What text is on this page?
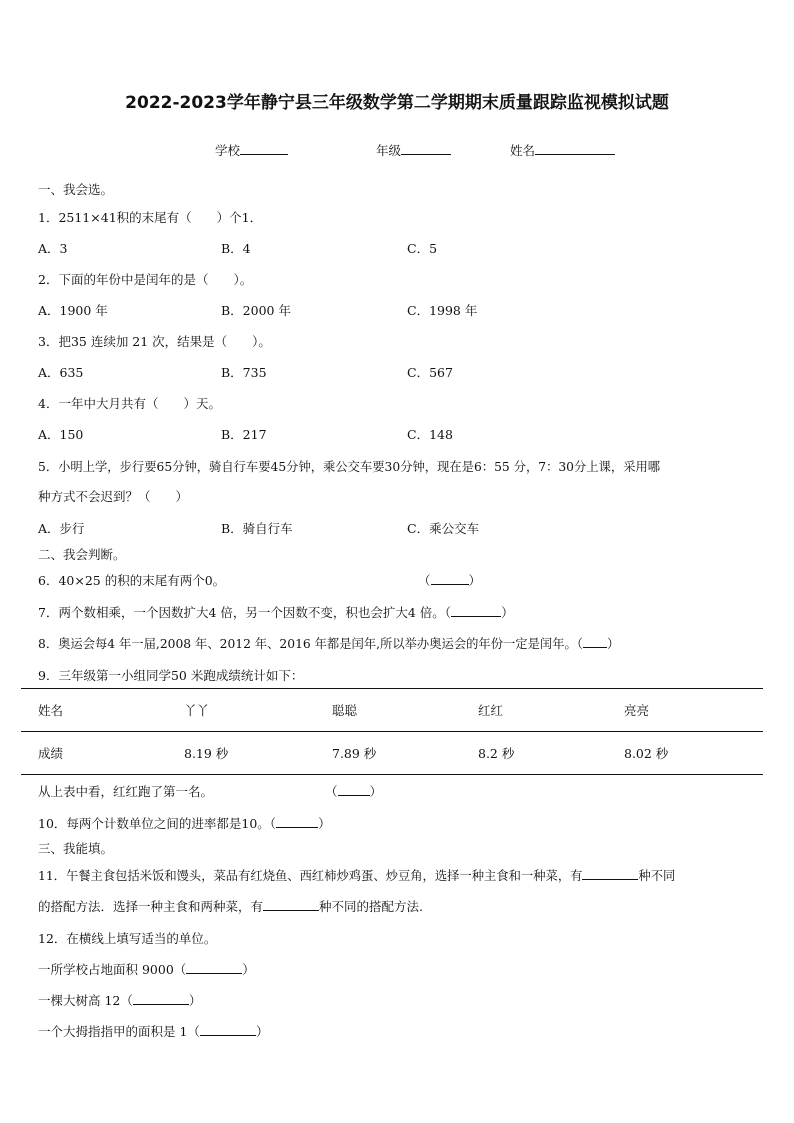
2022-2023学年静宁县三年级数学第二学期期末质量跟踪监视模拟试题
学校	年级	姓名
一、我会选。
1．2511×41积的末尾有（　　）个1．
A．3	B．4	C．5
2．下面的年份中是闰年的是（　　）。
A．1900 年	B．2000 年	C．1998 年
3．把35 连续加 21 次，结果是（　　）。
A．635	B．735	C．567
4．一年中大月共有（　　）天。
A．150	B．217	C．148
5．小明上学，步行要65分钟，骑自行车要45分钟，乘公交车要30分钟，现在是6：55 分，7：30分上课，采用哪
种方式不会迟到？（　　）
A．步行	B．骑自行车	C．乘公交车
二、我会判断。
6．40×25 的积的末尾有两个0。	（	）
7．两个数相乘，一个因数扩大4 倍，另一个因数不变，积也会扩大4 倍。（	）
8．奥运会每4 年一届,2008 年、2012 年、2016 年都是闰年,所以举办奥运会的年份一定是闰年。（ ）
9．三年级第一小组同学50 米跑成绩统计如下：
姓名	丫丫	聪聪	红红	亮亮
成绩	8.19 秒	7.89 秒	8.2 秒	8.02 秒
从上表中看，红红跑了第一名。	（	）
10．每两个计数单位之间的进率都是10。（	）
三、我能填。
11．午餐主食包括米饭和馒头，菜品有红烧鱼、西红柿炒鸡蛋、炒豆角，选择一种主食和一种菜，有	种不同
的搭配方法．选择一种主食和两种菜，有	种不同的搭配方法.
12．在横线上填写适当的单位。
一所学校占地面积 9000（	）
一棵大树高 12（	）
一个大拇指指甲的面积是 1（	）
